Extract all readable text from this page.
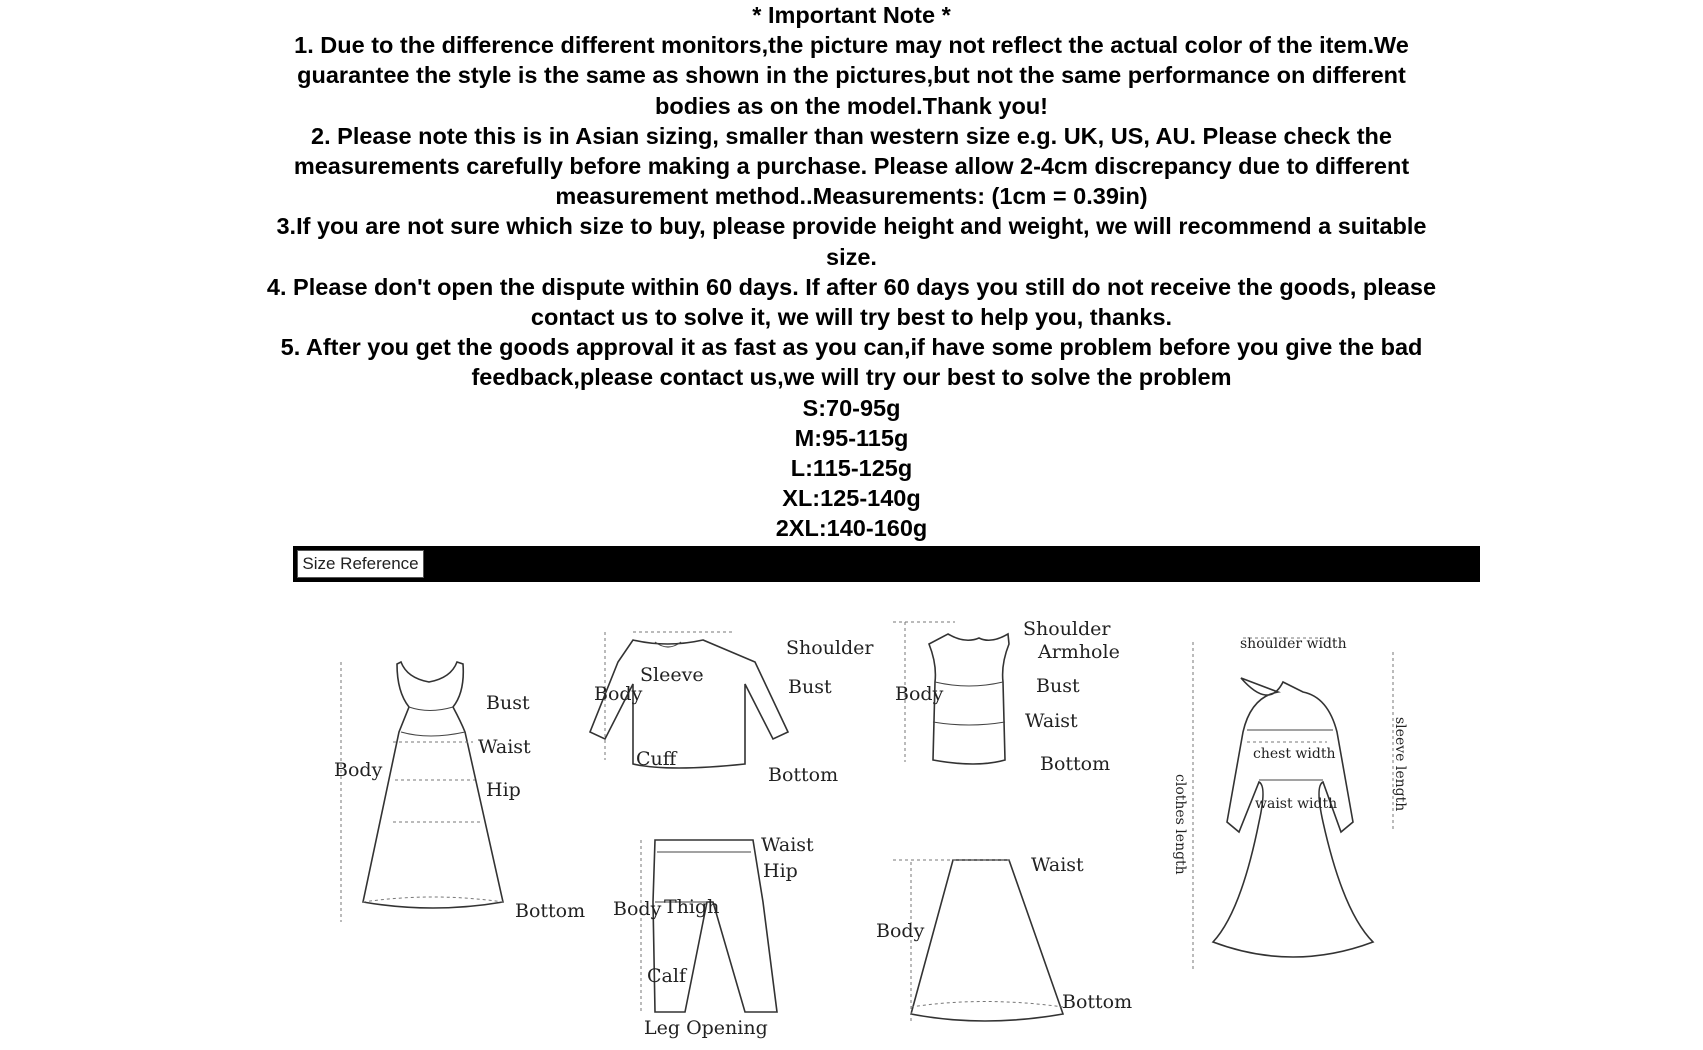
* Important Note *
1. Due to the difference different monitors,the picture may not reflect the actual color of the item.We
guarantee the style is the same as shown in the pictures,but not the same performance on different
bodies as on the model.Thank you!
2. Please note this is in Asian sizing, smaller than western size e.g. UK, US, AU. Please check the
measurements carefully before making a purchase. Please allow 2-4cm discrepancy due to different
measurement method..Measurements: (1cm = 0.39in)
3.If you are not sure which size to buy, please provide height and weight, we will recommend a suitable
size.
4. Please don't open the dispute within 60 days. If after 60 days you still do not receive the goods, please
contact us to solve it, we will try best to help you, thanks.
5. After you get the goods approval it as fast as you can,if have some problem before you give the bad
feedback,please contact us,we will try our best to solve the problem
S:70-95g
M:95-115g
L:115-125g
XL:125-140g
2XL:140-160g
Size Reference
Bust
Waist
Body
Hip
Bottom
Shoulder
Sleeve
Bust
Body
Cuff
Bottom
Shoulder
Armhole
Bust
Body
Waist
Bottom
shoulder width
sleeve length
chest width
clothes length	waist width
Waist
Hip
Body Thigh
Calf
Leg Opening
Waist
Body
Bottom
